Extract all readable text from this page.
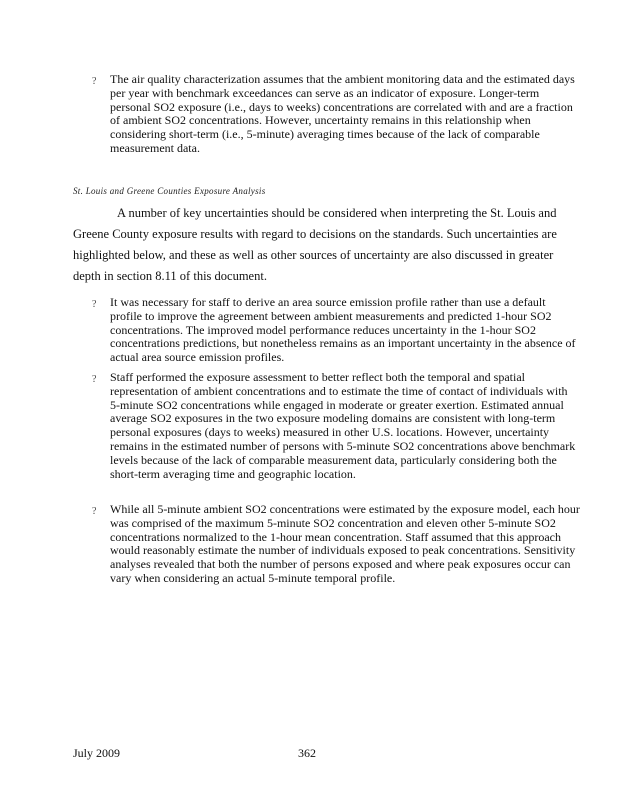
?	The air quality characterization assumes that the ambient monitoring data and the estimated days per year with benchmark exceedances can serve as an indicator of exposure. Longer-term personal SO2 exposure (i.e., days to weeks) concentrations are correlated with and are a fraction of ambient SO2 concentrations. However, uncertainty remains in this relationship when considering short-term (i.e., 5-minute) averaging times because of the lack of comparable measurement data.
St. Louis and Greene Counties Exposure Analysis
A number of key uncertainties should be considered when interpreting the St. Louis and Greene County exposure results with regard to decisions on the standards. Such uncertainties are highlighted below, and these as well as other sources of uncertainty are also discussed in greater depth in section 8.11 of this document.
?	It was necessary for staff to derive an area source emission profile rather than use a default profile to improve the agreement between ambient measurements and predicted 1-hour SO2 concentrations. The improved model performance reduces uncertainty in the 1-hour SO2 concentrations predictions, but nonetheless remains as an important uncertainty in the absence of actual area source emission profiles.
?	Staff performed the exposure assessment to better reflect both the temporal and spatial representation of ambient concentrations and to estimate the time of contact of individuals with 5-minute SO2 concentrations while engaged in moderate or greater exertion. Estimated annual average SO2 exposures in the two exposure modeling domains are consistent with long-term personal exposures (days to weeks) measured in other U.S. locations. However, uncertainty remains in the estimated number of persons with 5-minute SO2 concentrations above benchmark levels because of the lack of comparable measurement data, particularly considering both the short-term averaging time and geographic location.
?	While all 5-minute ambient SO2 concentrations were estimated by the exposure model, each hour was comprised of the maximum 5-minute SO2 concentration and eleven other 5-minute SO2 concentrations normalized to the 1-hour mean concentration. Staff assumed that this approach would reasonably estimate the number of individuals exposed to peak concentrations. Sensitivity analyses revealed that both the number of persons exposed and where peak exposures occur can vary when considering an actual 5-minute temporal profile.
July 2009	362
